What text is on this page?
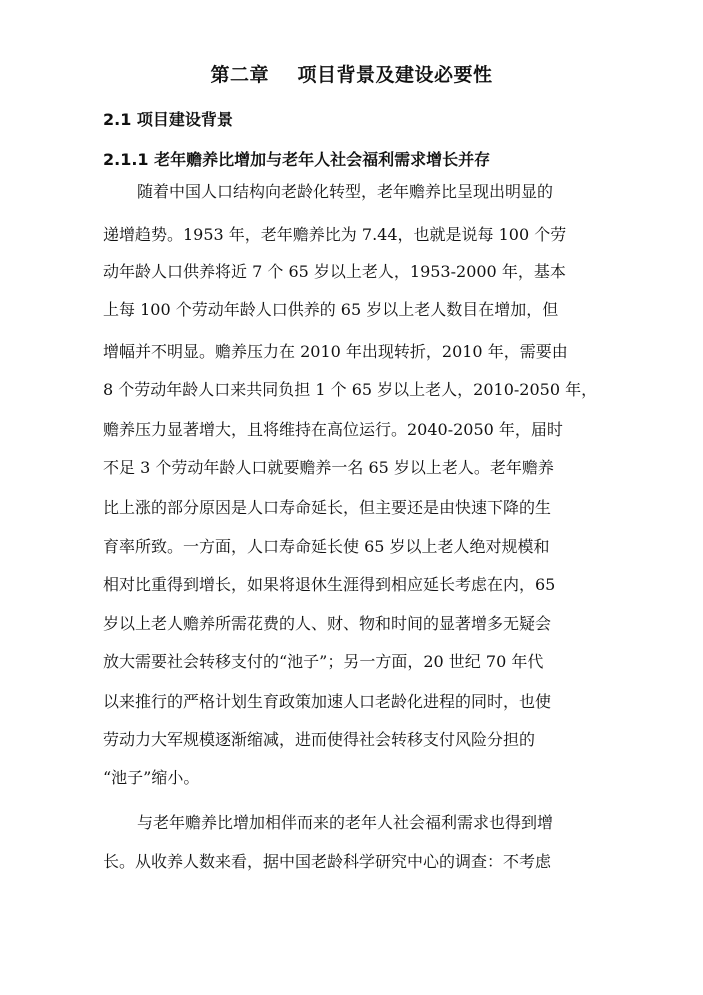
第二章    项目背景及建设必要性
2.1 项目建设背景
2.1.1 老年赡养比增加与老年人社会福利需求增长并存
随着中国人口结构向老龄化转型，老年赡养比呈现出明显的
递增趋势。1953 年，老年赡养比为 7.44，也就是说每 100 个劳
动年龄人口供养将近 7 个 65 岁以上老人，1953-2000 年，基本
上每 100 个劳动年龄人口供养的 65 岁以上老人数目在增加，但
增幅并不明显。赡养压力在 2010 年出现转折，2010 年，需要由
8 个劳动年龄人口来共同负担 1 个 65 岁以上老人，2010-2050 年，
赡养压力显著增大，且将维持在高位运行。2040-2050 年，届时
不足 3 个劳动年龄人口就要赡养一名 65 岁以上老人。老年赡养
比上涨的部分原因是人口寿命延长，但主要还是由快速下降的生
育率所致。一方面，人口寿命延长使 65 岁以上老人绝对规模和
相对比重得到增长，如果将退休生涯得到相应延长考虑在内，65
岁以上老人赡养所需花费的人、财、物和时间的显著增多无疑会
放大需要社会转移支付的“池子”；另一方面，20 世纪 70 年代
以来推行的严格计划生育政策加速人口老龄化进程的同时，也使
劳动力大军规模逐渐缩减，进而使得社会转移支付风险分担的
“池子”缩小。
与老年赡养比增加相伴而来的老年人社会福利需求也得到增
长。从收养人数来看，据中国老龄科学研究中心的调查：不考虑
